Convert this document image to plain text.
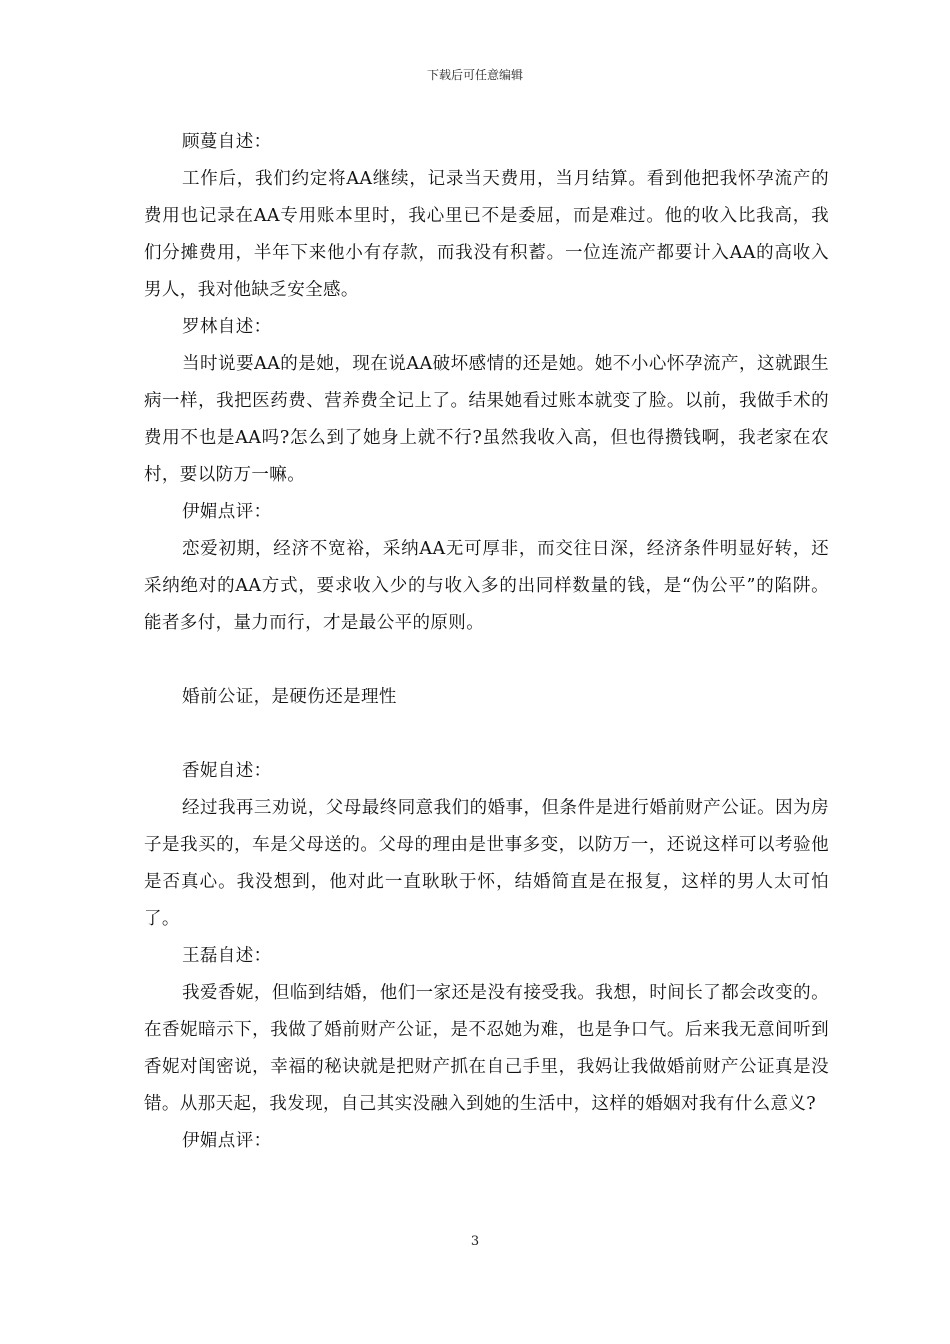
下载后可任意编辑

顾蔓自述：

工作后，我们约定将AA继续，记录当天费用，当月结算。看到他把我怀孕流产的费用也记录在AA专用账本里时，我心里已不是委屈，而是难过。他的收入比我高，我们分摊费用，半年下来他小有存款，而我没有积蓄。一位连流产都要计入AA的高收入男人，我对他缺乏安全感。

罗林自述：

当时说要AA的是她，现在说AA破坏感情的还是她。她不小心怀孕流产，这就跟生病一样，我把医药费、营养费全记上了。结果她看过账本就变了脸。以前，我做手术的费用不也是AA吗?怎么到了她身上就不行?虽然我收入高，但也得攒钱啊，我老家在农村，要以防万一嘛。

伊媚点评：

恋爱初期，经济不宽裕，采纳AA无可厚非，而交往日深，经济条件明显好转，还采纳绝对的AA方式，要求收入少的与收入多的出同样数量的钱，是“伪公平”的陷阱。能者多付，量力而行，才是最公平的原则。

婚前公证，是硬伤还是理性

香妮自述：

经过我再三劝说，父母最终同意我们的婚事，但条件是进行婚前财产公证。因为房子是我买的，车是父母送的。父母的理由是世事多变，以防万一，还说这样可以考验他是否真心。我没想到，他对此一直耿耿于怀，结婚简直是在报复，这样的男人太可怕了。

王磊自述：

我爱香妮，但临到结婚，他们一家还是没有接受我。我想，时间长了都会改变的。在香妮暗示下，我做了婚前财产公证，是不忍她为难，也是争口气。后来我无意间听到香妮对闺密说，幸福的秘诀就是把财产抓在自己手里，我妈让我做婚前财产公证真是没错。从那天起，我发现，自己其实没融入到她的生活中，这样的婚姻对我有什么意义?

伊媚点评：

3
